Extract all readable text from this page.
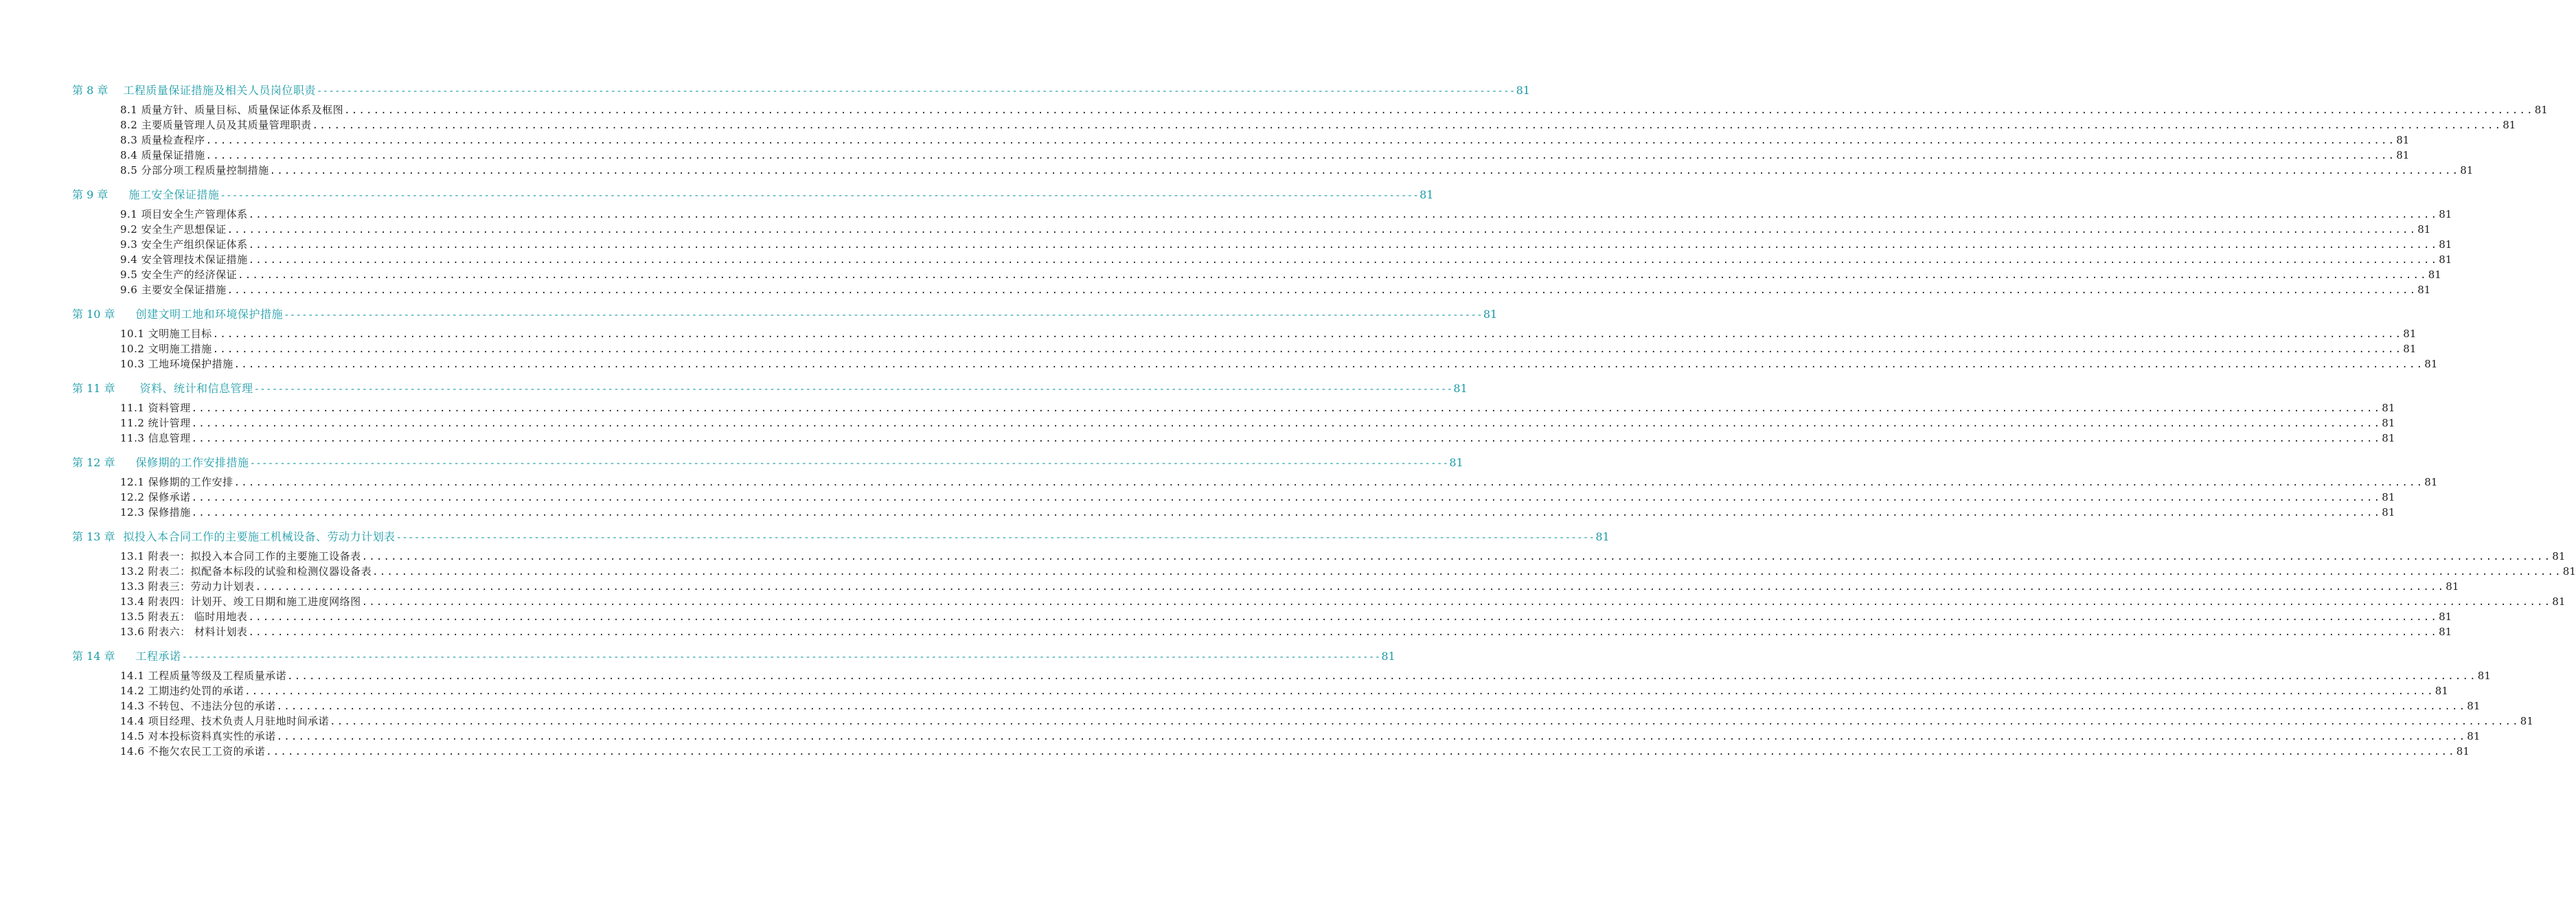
第 8 章 工程质量保证措施及相关人员岗位职责 -------------------------------------------------------------------------------------------------------------------------------------------------------------------------------------------------------- 81
8.1 质量方针、质量目标、质量保证体系及框图 ............................................................................................................................................................................................................................................................................................................ 81
8.2 主要质量管理人员及其质量管理职责 ............................................................................................................................................................................................................................................................................................................ 81
8.3 质量检查程序 ............................................................................................................................................................................................................................................................................................................ 81
8.4 质量保证措施 ............................................................................................................................................................................................................................................................................................................ 81
8.5 分部分项工程质量控制措施 ............................................................................................................................................................................................................................................................................................................ 81
第 9 章 施工安全保证措施 -------------------------------------------------------------------------------------------------------------------------------------------------------------------------------------------------------- 81
9.1 项目安全生产管理体系 ............................................................................................................................................................................................................................................................................................................ 81
9.2 安全生产思想保证 ............................................................................................................................................................................................................................................................................................................ 81
9.3 安全生产组织保证体系 ............................................................................................................................................................................................................................................................................................................ 81
9.4 安全管理技术保证措施 ............................................................................................................................................................................................................................................................................................................ 81
9.5 安全生产的经济保证 ............................................................................................................................................................................................................................................................................................................ 81
9.6 主要安全保证措施 ............................................................................................................................................................................................................................................................................................................ 81
第 10 章 创建文明工地和环境保护措施 -------------------------------------------------------------------------------------------------------------------------------------------------------------------------------------------------------- 81
10.1 文明施工目标 ............................................................................................................................................................................................................................................................................................................ 81
10.2 文明施工措施 ............................................................................................................................................................................................................................................................................................................ 81
10.3 工地环境保护措施 ............................................................................................................................................................................................................................................................................................................ 81
第 11 章 资料、统计和信息管理 -------------------------------------------------------------------------------------------------------------------------------------------------------------------------------------------------------- 81
11.1 资料管理 ............................................................................................................................................................................................................................................................................................................ 81
11.2 统计管理 ............................................................................................................................................................................................................................................................................................................ 81
11.3 信息管理 ............................................................................................................................................................................................................................................................................................................ 81
第 12 章 保修期的工作安排措施 -------------------------------------------------------------------------------------------------------------------------------------------------------------------------------------------------------- 81
12.1 保修期的工作安排 ............................................................................................................................................................................................................................................................................................................ 81
12.2 保修承诺 ............................................................................................................................................................................................................................................................................................................ 81
12.3 保修措施 ............................................................................................................................................................................................................................................................................................................ 81
第 13 章 拟投入本合同工作的主要施工机械设备、劳动力计划表 -------------------------------------------------------------------------------------------------------------------------------------------------------------------------------------------------------- 81
13.1 附表一：拟投入本合同工作的主要施工设备表 ............................................................................................................................................................................................................................................................................................................ 81
13.2 附表二：拟配备本标段的试验和检测仪器设备表 ............................................................................................................................................................................................................................................................................................................ 81
13.3 附表三：劳动力计划表 ............................................................................................................................................................................................................................................................................................................ 81
13.4 附表四：计划开、竣工日期和施工进度网络图 ............................................................................................................................................................................................................................................................................................................ 81
13.5 附表五： 临时用地表 ............................................................................................................................................................................................................................................................................................................ 81
13.6 附表六： 材料计划表 ............................................................................................................................................................................................................................................................................................................ 81
第 14 章 工程承诺 -------------------------------------------------------------------------------------------------------------------------------------------------------------------------------------------------------- 81
14.1 工程质量等级及工程质量承诺 ............................................................................................................................................................................................................................................................................................................ 81
14.2 工期违约处罚的承诺 ............................................................................................................................................................................................................................................................................................................ 81
14.3 不转包、不违法分包的承诺 ............................................................................................................................................................................................................................................................................................................ 81
14.4 项目经理、技术负责人月驻地时间承诺 ............................................................................................................................................................................................................................................................................................................ 81
14.5 对本投标资料真实性的承诺 ............................................................................................................................................................................................................................................................................................................ 81
14.6 不拖欠农民工工资的承诺 ............................................................................................................................................................................................................................................................................................................ 81
